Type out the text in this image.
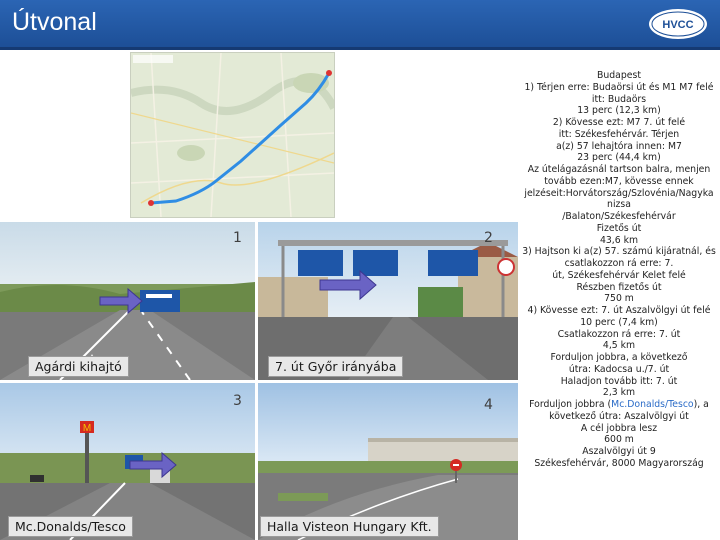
Útvonal	HVCC
1
Agárdi kihajtó
2
7. út Győr irányába
M
3
Mc.Donalds/Tesco
4
Halla Visteon Hungary Kft.
Budapest
1) Térjen erre: Budaörsi út és M1 M7 felé
itt: Budaörs
13 perc (12,3 km)
2) Kövesse ezt: M7 7. út felé
itt: Székesfehérvár. Térjen
a(z) 57 lehajtóra innen: M7
23 perc (44,4 km)
Az útelágazásnál tartson balra, menjen
tovább ezen:M7, kövesse ennek
jelzéseit:Horvátország/Szlovénia/Nagyka
nizsa
/Balaton/Székesfehérvár
Fizetős út
43,6 km
3) Hajtson ki a(z) 57. számú kijáratnál, és
csatlakozzon rá erre: 7.
út, Székesfehérvár Kelet felé
Részben fizetős út
750 m
4) Kövesse ezt: 7. út Aszalvölgyi út felé
10 perc (7,4 km)
Csatlakozzon rá erre: 7. út
4,5 km
Forduljon jobbra, a következő
útra: Kadocsa u./7. út
Haladjon tovább itt: 7. út
2,3 km
Forduljon jobbra (Mc.Donalds/Tesco), a
következő útra: Aszalvölgyi út
A cél jobbra lesz
600 m
Aszalvölgyi út 9
Székesfehérvár, 8000 Magyarország
